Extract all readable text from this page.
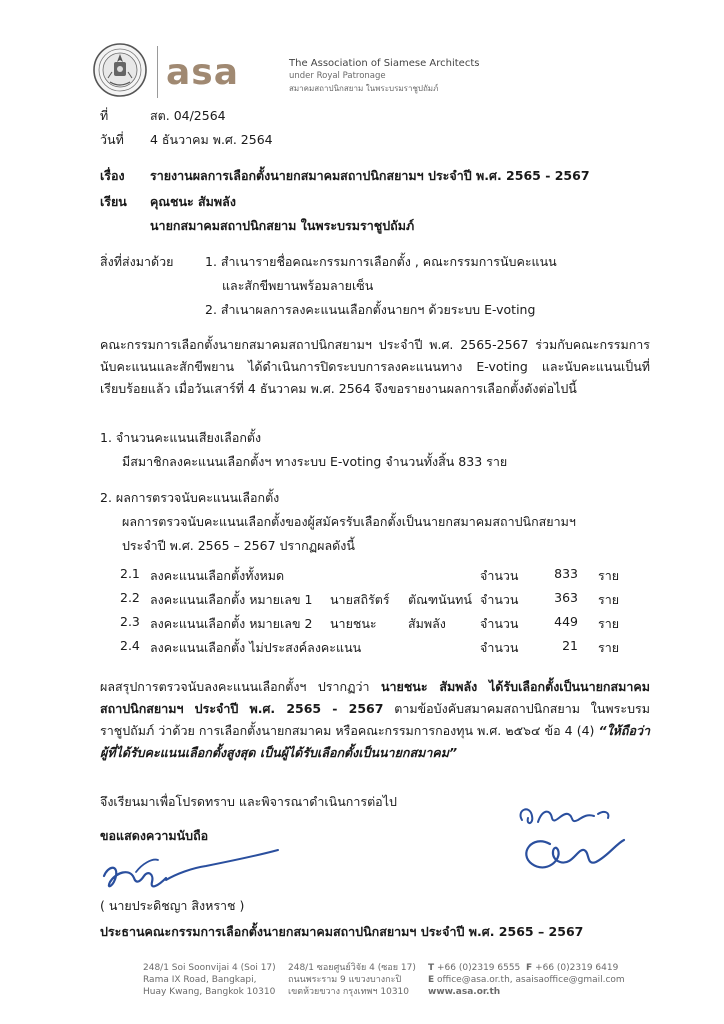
asa	The Association of Siamese Architects
under Royal Patronage
สมาคมสถาปนิกสยาม ในพระบรมราชูปถัมภ์
ที่	สต. 04/2564
วันที่ 4 ธันวาคม พ.ศ. 2564
เรื่อง รายงานผลการเลือกตั้งนายกสมาคมสถาปนิกสยามฯ ประจำปี พ.ศ. 2565 - 2567
เรียน คุณชนะ สัมพลัง
นายกสมาคมสถาปนิกสยาม ในพระบรมราชูปถัมภ์
สิ่งที่ส่งมาด้วย	1. สำเนารายชื่อคณะกรรมการเลือกตั้ง , คณะกรรมการนับคะแนน
และสักขีพยานพร้อมลายเซ็น
2. สำเนาผลการลงคะแนนเลือกตั้งนายกฯ ด้วยระบบ E-voting
คณะกรรมการเลือกตั้งนายกสมาคมสถาปนิกสยามฯ ประจำปี พ.ศ. 2565-2567 ร่วมกับคณะกรรมการนับคะแนนและสักขีพยาน ได้ดำเนินการปิดระบบการลงคะแนนทาง E-voting และนับคะแนนเป็นที่เรียบร้อยแล้ว เมื่อวันเสาร์ที่ 4 ธันวาคม พ.ศ. 2564 จึงขอรายงานผลการเลือกตั้งดังต่อไปนี้
1. จำนวนคะแนนเสียงเลือกตั้ง
มีสมาชิกลงคะแนนเลือกตั้งฯ ทางระบบ E-voting จำนวนทั้งสิ้น 833 ราย
2. ผลการตรวจนับคะแนนเลือกตั้ง
ผลการตรวจนับคะแนนเลือกตั้งของผู้สมัครรับเลือกตั้งเป็นนายกสมาคมสถาปนิกสยามฯ
ประจำปี พ.ศ. 2565 – 2567 ปรากฏผลดังนี้
2.1 ลงคะแนนเลือกตั้งทั้งหมด	จำนวน	833 ราย
2.2 ลงคะแนนเลือกตั้ง หมายเลข 1 นายสถิรัตร์ ตัณฑนันทน์ จำนวน	363 ราย
2.3 ลงคะแนนเลือกตั้ง หมายเลข 2 นายชนะ	สัมพลัง	จำนวน	449 ราย
2.4 ลงคะแนนเลือกตั้ง ไม่ประสงค์ลงคะแนน	จำนวน	21 ราย
ผลสรุปการตรวจนับลงคะแนนเลือกตั้งฯ ปรากฏว่า นายชนะ สัมพลัง ได้รับเลือกตั้งเป็นนายกสมาคมสถาปนิกสยามฯ ประจำปี พ.ศ. 2565 - 2567 ตามข้อบังคับสมาคมสถาปนิกสยาม ในพระบรมราชูปถัมภ์ ว่าด้วย การเลือกตั้งนายกสมาคม หรือคณะกรรมการกองทุน พ.ศ. ๒๕๖๔ ข้อ 4 (4) “ให้ถือว่าผู้ที่ได้รับคะแนนเลือกตั้งสูงสุด เป็นผู้ได้รับเลือกตั้งเป็นนายกสมาคม”
จึงเรียนมาเพื่อโปรดทราบ และพิจารณาดำเนินการต่อไป
ขอแสดงความนับถือ
( นายประดิชญา สิงหราช )
ประธานคณะกรรมการเลือกตั้งนายกสมาคมสถาปนิกสยามฯ ประจำปี พ.ศ. 2565 – 2567
248/1 Soi Soonvijai 4 (Soi 17)
Rama IX Road, Bangkapi,
Huay Kwang, Bangkok 10310
248/1 ซอยศูนย์วิจัย 4 (ซอย 17)
ถนนพระราม 9 แขวงบางกะปิ
เขตห้วยขวาง กรุงเทพฯ 10310
T +66 (0)2319 6555 F +66 (0)2319 6419
E office@asa.or.th, asaisaoffice@gmail.com
www.asa.or.th
